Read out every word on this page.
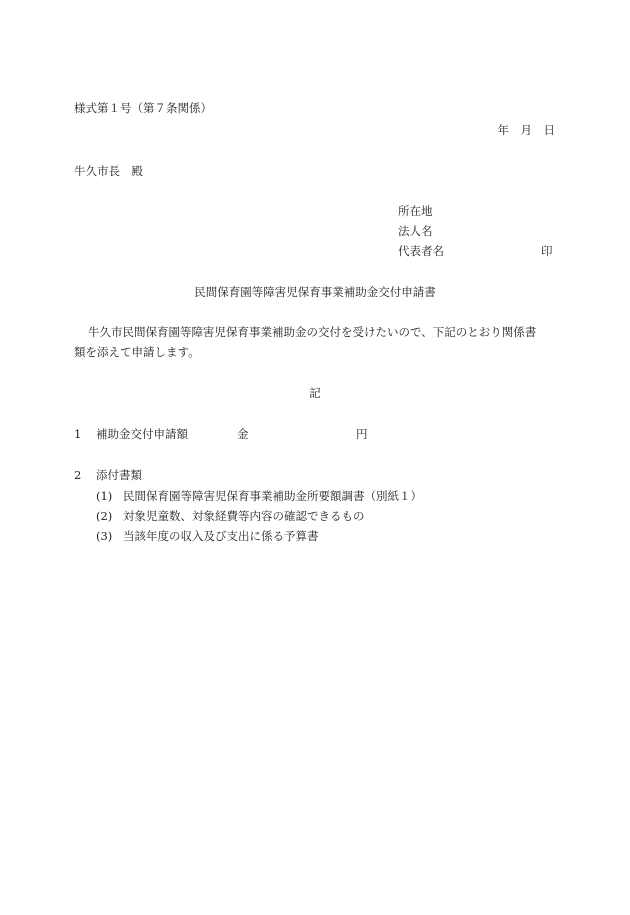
様式第１号（第７条関係）
年　月　日
牛久市長　殿
所在地
法人名
代表者名	印
民間保育園等障害児保育事業補助金交付申請書
牛久市民間保育園等障害児保育事業補助金の交付を受けたいので、下記のとおり関係書
類を添えて申請します。
記
1 補助金交付申請額	金	円
2 添付書類
(1) 民間保育園等障害児保育事業補助金所要額調書（別紙１）
(2) 対象児童数、対象経費等内容の確認できるもの
(3) 当該年度の収入及び支出に係る予算書
